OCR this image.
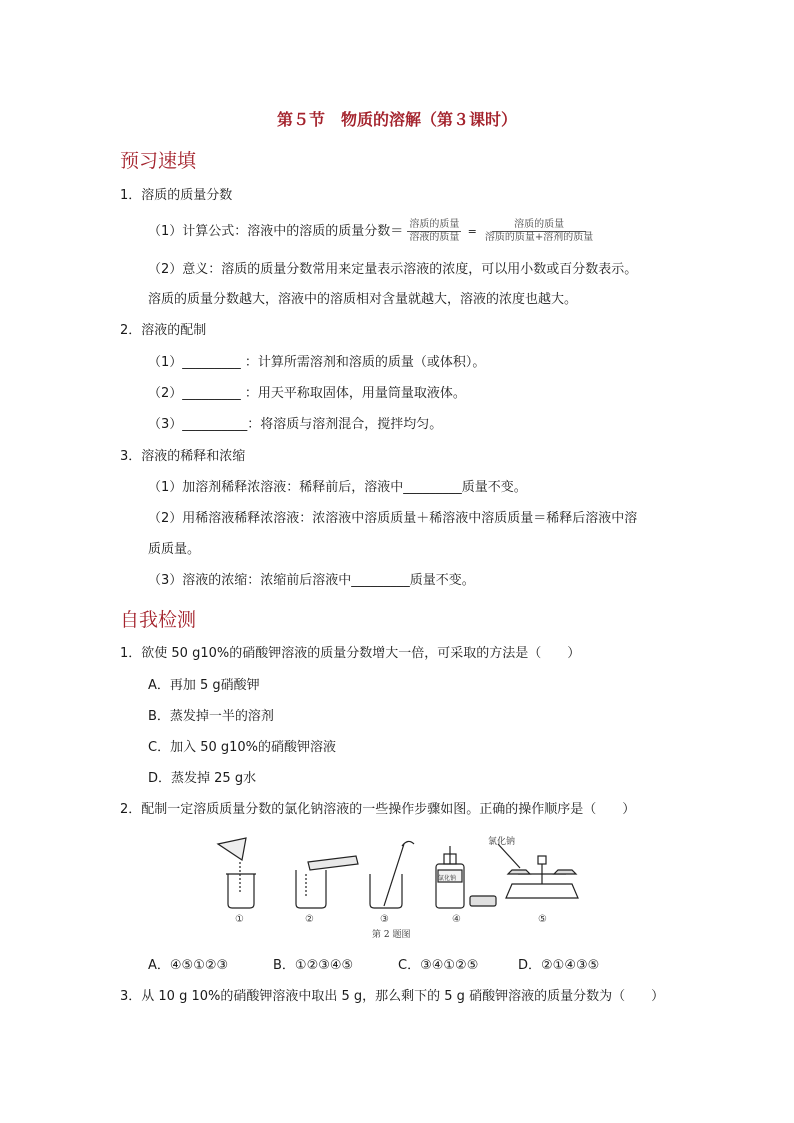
第５节　物质的溶解（第３课时）
预习速填
1．溶质的质量分数
（1）计算公式：溶液中的溶质的质量分数＝ $\frac{\text{溶质的质量}}{\text{溶液的质量}} = \frac{\text{溶质的质量}}{\text{溶质的质量+溶剂的质量}}$
（2）意义：溶质的质量分数常用来定量表示溶液的浓度，可以用小数或百分数表示。
溶质的质量分数越大，溶液中的溶质相对含量就越大，溶液的浓度也越大。
2．溶液的配制
（1）_________ ：计算所需溶剂和溶质的质量（或体积）。
（2）_________ ：用天平称取固体，用量筒量取液体。
（3）__________：将溶质与溶剂混合，搅拌均匀。
3．溶液的稀释和浓缩
（1）加溶剂稀释浓溶液：稀释前后，溶液中_________质量不变。
（2）用稀溶液稀释浓溶液：浓溶液中溶质质量＋稀溶液中溶质质量＝稀释后溶液中溶
质质量。
（3）溶液的浓缩：浓缩前后溶液中_________质量不变。
自我检测
1．欲使 50 g10%的硝酸钾溶液的质量分数增大一倍，可采取的方法是（　　）
A．再加 5 g硝酸钾
B．蒸发掉一半的溶剂
C．加入 50 g10%的硝酸钾溶液
D．蒸发掉 25 g水
2．配制一定溶质质量分数的氯化钠溶液的一些操作步骤如图。正确的操作顺序是（　　）
氯化钠
氯化钠
①	②	③	④	⑤
第 2 题图
A．④⑤①②③	B．①②③④⑤	C．③④①②⑤	D．②①④③⑤
3．从 10 g 10%的硝酸钾溶液中取出 5 g，那么剩下的 5 g 硝酸钾溶液的质量分数为（　　）
